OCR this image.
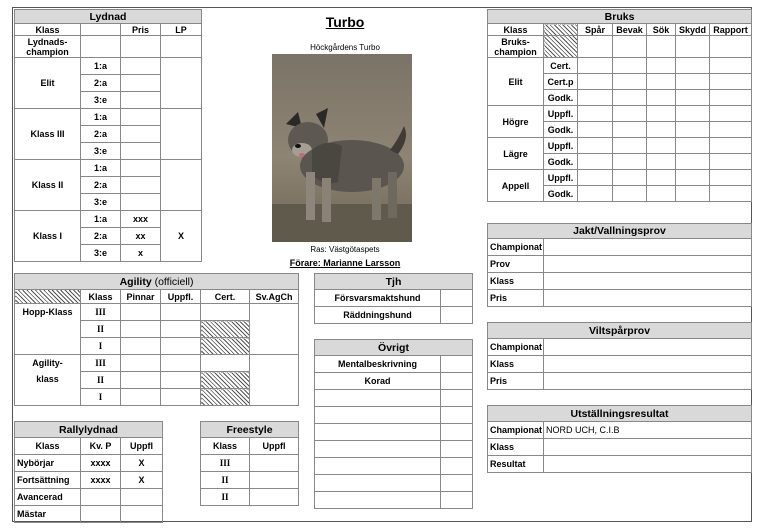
Lydnad			
Klass		Pris	LP
Lydnads-champion			
Elit	1:a		
	2:a		
	3:e		
Klass III	1:a		
	2:a		
	3:e		
Klass II	1:a		
	2:a		
	3:e		
Klass I	1:a	xxx	X
	2:a	xx	
	3:e	x	
Turbo
Höckgårdens Turbo
Ras: Västgötaspets
Förare: Marianne Larsson
Bruks						
Klass		Spår	Bevak	Sök	Skydd	Rapport
Bruks-champion						
Elit	Cert.					
	Cert.p					
	Godk.					
Högre	Uppfl.					
	Godk.					
Lägre	Uppfl.					
	Godk.					
Appell	Uppfl.					
	Godk.					
Jakt/Vallningsprov	
Championat	
Prov	
Klass	
Pris	
Viltspårprov	
Championat	
Klass	
Pris	
Utställningsresultat	
Championat	NORD UCH, C.I.B
Klass	
Resultat	
Agility (officiell)					
	Klass	Pinnar	Uppfl.	Cert.	Sv.AgCh
Hopp-Klass	III				
	II				
	I				

Agility-
klass	III				
	II				
	I				
Tjh	
Försvarsmaktshund	
Räddningshund	
Övrigt	
Mentalbeskrivning	
Korad	

Rallylydnad		
Klass	Kv. P	Uppfl
Nybörjar	xxxx	X
Fortsättning	xxxx	X
Avancerad		
Mästar		
Freestyle	
Klass	Uppfl
III	
II	
II	
